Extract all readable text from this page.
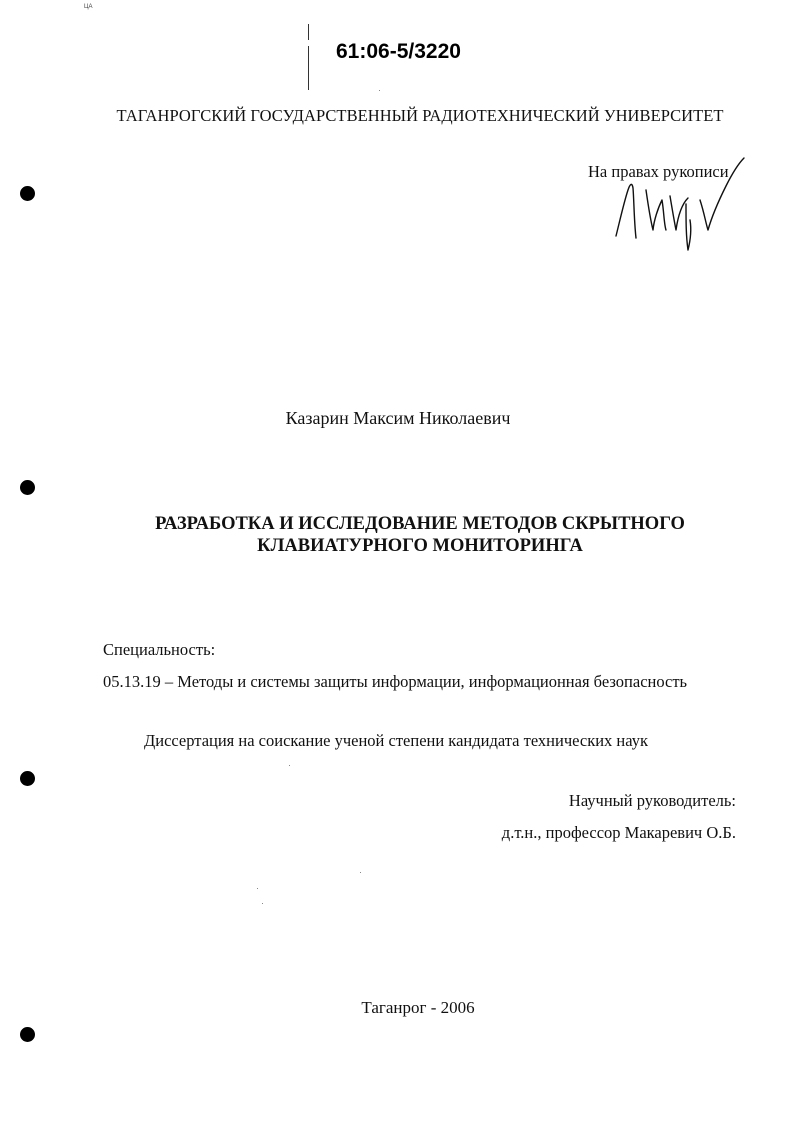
ЦА
61:06-5/3220
ТАГАНРОГСКИЙ ГОСУДАРСТВЕННЫЙ РАДИОТЕХНИЧЕСКИЙ УНИВЕРСИТЕТ
На правах рукописи
Казарин Максим Николаевич
РАЗРАБОТКА И ИССЛЕДОВАНИЕ МЕТОДОВ СКРЫТНОГО
КЛАВИАТУРНОГО МОНИТОРИНГА
Специальность:
05.13.19 – Методы и системы защиты информации, информационная безопасность
Диссертация на соискание ученой степени кандидата технических наук
Научный руководитель:
д.т.н., профессор Макаревич О.Б.
Таганрог - 2006
